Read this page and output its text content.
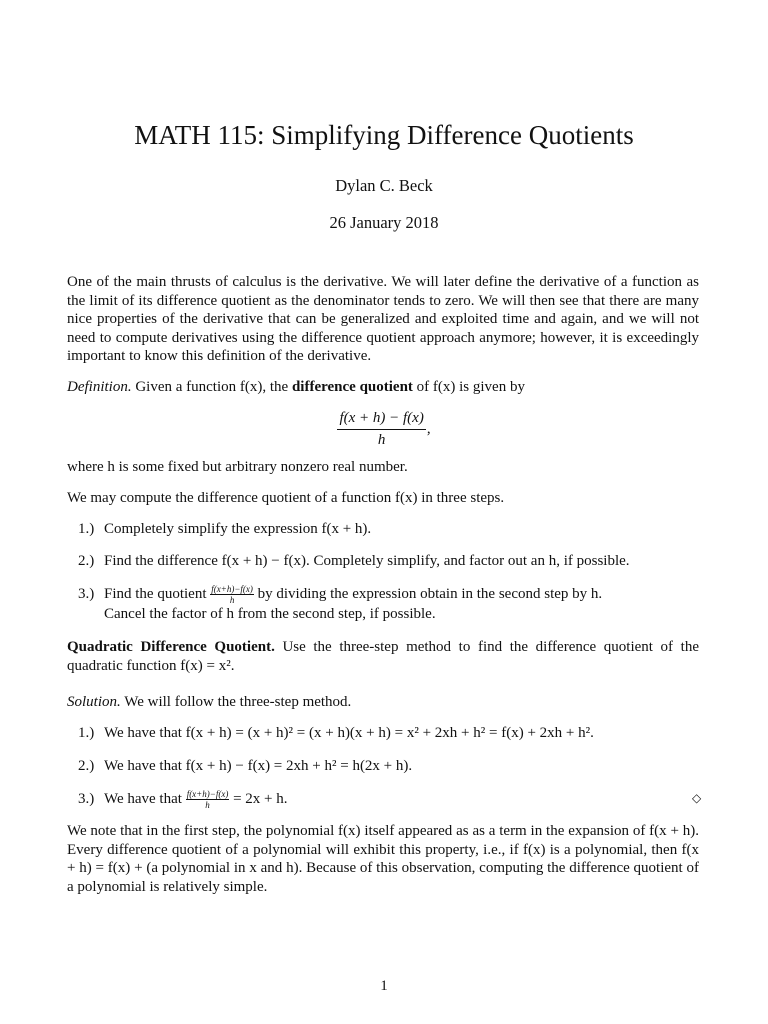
MATH 115: Simplifying Difference Quotients
Dylan C. Beck
26 January 2018
One of the main thrusts of calculus is the derivative. We will later define the derivative of a function as the limit of its difference quotient as the denominator tends to zero. We will then see that there are many nice properties of the derivative that can be generalized and exploited time and again, and we will not need to compute derivatives using the difference quotient approach anymore; however, it is exceedingly important to know this definition of the derivative.
Definition. Given a function f(x), the difference quotient of f(x) is given by
$\frac{f(x + h) - f(x)}{h}$ ,
where h is some fixed but arbitrary nonzero real number.
We may compute the difference quotient of a function f(x) in three steps.
1.) Completely simplify the expression f(x + h).
2.) Find the difference f(x + h) − f(x). Completely simplify, and factor out an h, if possible.
3.) Find the quotient $\frac{f(x+h)-f(x)}{h}$ by dividing the expression obtain in the second step by h.
Cancel the factor of h from the second step, if possible.
Quadratic Difference Quotient. Use the three-step method to find the difference quotient of the quadratic function f(x) = x².
Solution. We will follow the three-step method.
1.) We have that f(x + h) = (x + h)² = (x + h)(x + h) = x² + 2xh + h² = f(x) + 2xh + h².
2.) We have that f(x + h) − f(x) = 2xh + h² = h(2x + h).
3.) We have that $\frac{f(x+h)-f(x)}{h} = 2x + h$.	◇
We note that in the first step, the polynomial f(x) itself appeared as as a term in the expansion of f(x + h). Every difference quotient of a polynomial will exhibit this property, i.e., if f(x) is a polynomial, then f(x + h) = f(x) + (a polynomial in x and h). Because of this observation, computing the difference quotient of a polynomial is relatively simple.
1
